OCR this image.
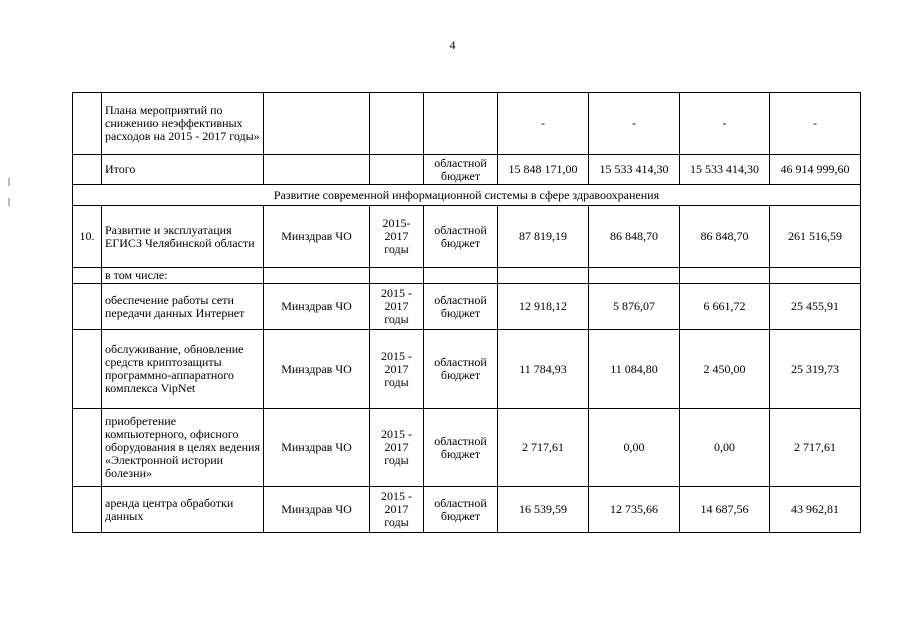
4
	Плана мероприятий по снижению неэффективных расходов на 2015 - 2017 годы»				-	-	-	-
	Итого			областной бюджет	15 848 171,00	15 533 414,30	15 533 414,30	46 914 999,60
Развитие современной информационной системы в сфере здравоохранения								
10.	Развитие и эксплуатация ЕГИСЗ Челябинской области	Минздрав ЧО	2015-2017 годы	областной бюджет	87 819,19	86 848,70	86 848,70	261 516,59
	в том числе:							
	обеспечение работы сети передачи данных Интернет	Минздрав ЧО	2015 - 2017 годы	областной бюджет	12 918,12	5 876,07	6 661,72	25 455,91
	обслуживание, обновление средств криптозащиты программно-аппаратного комплекса VipNet	Минздрав ЧО	2015 - 2017 годы	областной бюджет	11 784,93	11 084,80	2 450,00	25 319,73
	приобретение компьютерного, офисного оборудования в целях ведения «Электронной истории болезни»	Минздрав ЧО	2015 - 2017 годы	областной бюджет	2 717,61	0,00	0,00	2 717,61
	аренда центра обработки данных	Минздрав ЧО	2015 - 2017 годы	областной бюджет	16 539,59	12 735,66	14 687,56	43 962,81
